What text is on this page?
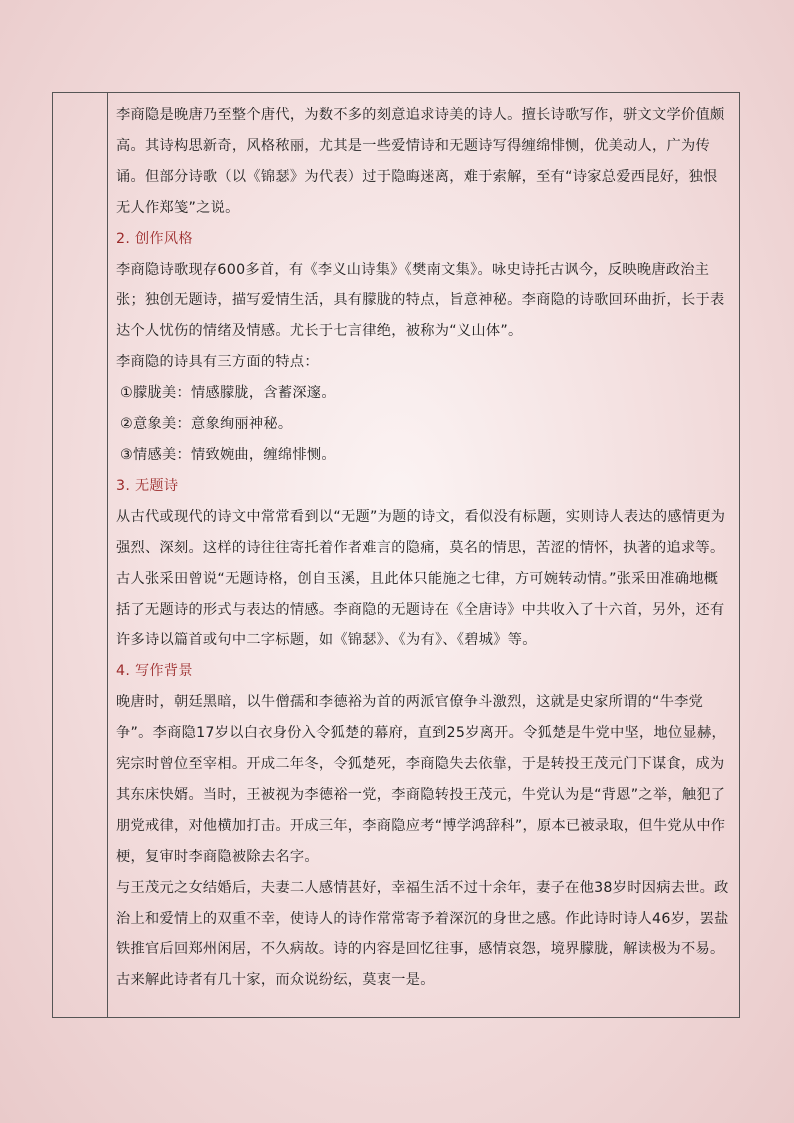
李商隐是晚唐乃至整个唐代，为数不多的刻意追求诗美的诗人。擅长诗歌写作，骈文文学价值颇高。其诗构思新奇，风格秾丽，尤其是一些爱情诗和无题诗写得缠绵悱恻，优美动人，广为传诵。但部分诗歌（以《锦瑟》为代表）过于隐晦迷离，难于索解，至有“诗家总爱西昆好，独恨无人作郑笺”之说。

2. 创作风格

李商隐诗歌现存600多首，有《李义山诗集》《樊南文集》。咏史诗托古讽今，反映晚唐政治主张；独创无题诗，描写爱情生活，具有朦胧的特点，旨意神秘。李商隐的诗歌回环曲折，长于表达个人忧伤的情绪及情感。尤长于七言律绝，被称为“义山体”。

李商隐的诗具有三方面的特点：

①朦胧美：情感朦胧，含蓄深邃。

②意象美：意象绚丽神秘。

③情感美：情致婉曲，缠绵悱恻。

3. 无题诗

从古代或现代的诗文中常常看到以“无题”为题的诗文，看似没有标题，实则诗人表达的感情更为强烈、深刻。这样的诗往往寄托着作者难言的隐痛，莫名的情思，苦涩的情怀，执著的追求等。

古人张采田曾说“无题诗格，创自玉溪，且此体只能施之七律，方可婉转动情。”张采田准确地概括了无题诗的形式与表达的情感。李商隐的无题诗在《全唐诗》中共收入了十六首，另外，还有许多诗以篇首或句中二字标题，如《锦瑟》、《为有》、《碧城》等。

4. 写作背景

晚唐时，朝廷黑暗，以牛僧孺和李德裕为首的两派官僚争斗激烈，这就是史家所谓的“牛李党争”。李商隐17岁以白衣身份入令狐楚的幕府，直到25岁离开。令狐楚是牛党中坚，地位显赫，宪宗时曾位至宰相。开成二年冬，令狐楚死，李商隐失去依靠，于是转投王茂元门下谋食，成为其东床快婿。当时，王被视为李德裕一党，李商隐转投王茂元，牛党认为是“背恩”之举，触犯了朋党戒律，对他横加打击。开成三年，李商隐应考“博学鸿辞科”，原本已被录取，但牛党从中作梗，复审时李商隐被除去名字。

与王茂元之女结婚后，夫妻二人感情甚好，幸福生活不过十余年，妻子在他38岁时因病去世。政治上和爱情上的双重不幸，使诗人的诗作常常寄予着深沉的身世之感。作此诗时诗人46岁，罢盐铁推官后回郑州闲居，不久病故。诗的内容是回忆往事，感情哀怨，境界朦胧，解读极为不易。古来解此诗者有几十家，而众说纷纭，莫衷一是。
